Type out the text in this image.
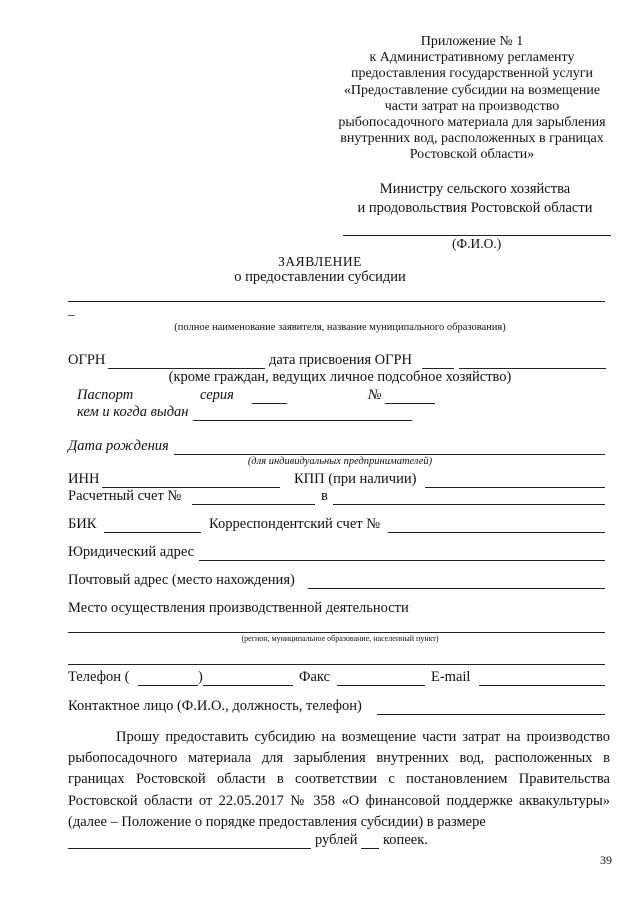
Приложение № 1
к Административному регламенту
предоставления государственной услуги
«Предоставление субсидии на возмещение
части затрат на производство
рыбопосадочного материала для зарыбления
внутренних вод, расположенных в границах
Ростовской области»
Министру сельского хозяйства
и продовольствия Ростовской области
(Ф.И.О.)
ЗАЯВЛЕНИЕ
о предоставлении субсидии
_
(полное наименование заявителя, название муниципального образования)
ОГРН	дата присвоения ОГРН
(кроме граждан, ведущих личное подсобное хозяйство)
Паспорт	серия	№
кем и когда выдан
Дата рождения
(для индивидуальных предпринимателей)
ИНН	КПП (при наличии)
Расчетный счет №	в
БИК	Корреспондентский счет №
Юридический адрес
Почтовый адрес (место нахождения)
Место осуществления производственной деятельности
(регион, муниципальное образование, населенный пункт)
Телефон (	)	Факс	E-mail
Контактное лицо (Ф.И.О., должность, телефон)

Прошу предоставить субсидию на возмещение части затрат на производство рыбопосадочного материала для зарыбления внутренних вод, расположенных в границах Ростовской области в соответствии с постановлением Правительства Ростовской области от 22.05.2017 № 358 «О финансовой поддержке аквакультуры» (далее – Положение о порядке предоставления субсидии) в размере

рублей копеек.
39
